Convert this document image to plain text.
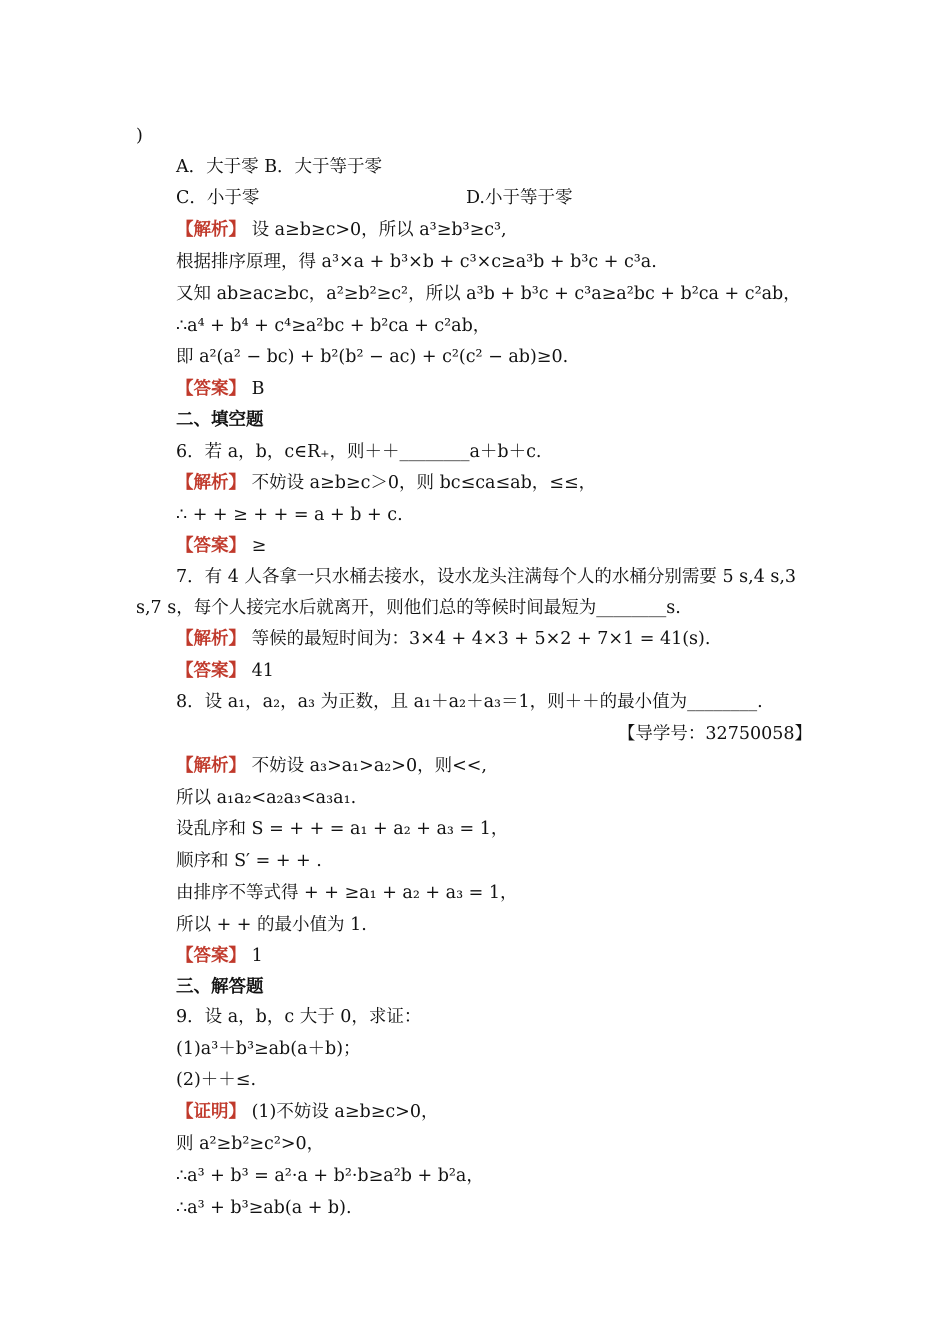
)
A．大于零 B．大于等于零
C．小于零	D.小于等于零
【解析】 设 a≥b≥c>0，所以 a³≥b³≥c³,
根据排序原理，得 a³×a + b³×b + c³×c≥a³b + b³c + c³a.
又知 ab≥ac≥bc，a²≥b²≥c²，所以 a³b + b³c + c³a≥a²bc + b²ca + c²ab，
∴a⁴ + b⁴ + c⁴≥a²bc + b²ca + c²ab，
即 a²(a² − bc) + b²(b² − ac) + c²(c² − ab)≥0.
【答案】 B
二、填空题
6．若 a，b，c∈R₊，则＋＋________a＋b＋c.
【解析】 不妨设 a≥b≥c＞0，则 bc≤ca≤ab，≤≤，
∴ + + ≥ + + = a + b + c.
【答案】 ≥
7．有 4 人各拿一只水桶去接水，设水龙头注满每个人的水桶分别需要 5 s,4 s,3
s,7 s，每个人接完水后就离开，则他们总的等候时间最短为________s.
【解析】 等候的最短时间为：3×4 + 4×3 + 5×2 + 7×1 = 41(s).
【答案】 41
8．设 a₁，a₂，a₃ 为正数，且 a₁＋a₂＋a₃＝1，则＋＋的最小值为________.
【导学号：32750058】
【解析】 不妨设 a₃>a₁>a₂>0，则<<,
所以 a₁a₂<a₂a₃<a₃a₁.
设乱序和 S = + + = a₁ + a₂ + a₃ = 1，
顺序和 S′ = + + .
由排序不等式得 + + ≥a₁ + a₂ + a₃ = 1，
所以 + + 的最小值为 1.
【答案】 1
三、解答题
9．设 a，b，c 大于 0，求证：
(1)a³＋b³≥ab(a＋b)；
(2)＋＋≤.
【证明】 (1)不妨设 a≥b≥c>0，
则 a²≥b²≥c²>0，
∴a³ + b³ = a²·a + b²·b≥a²b + b²a，
∴a³ + b³≥ab(a + b).
